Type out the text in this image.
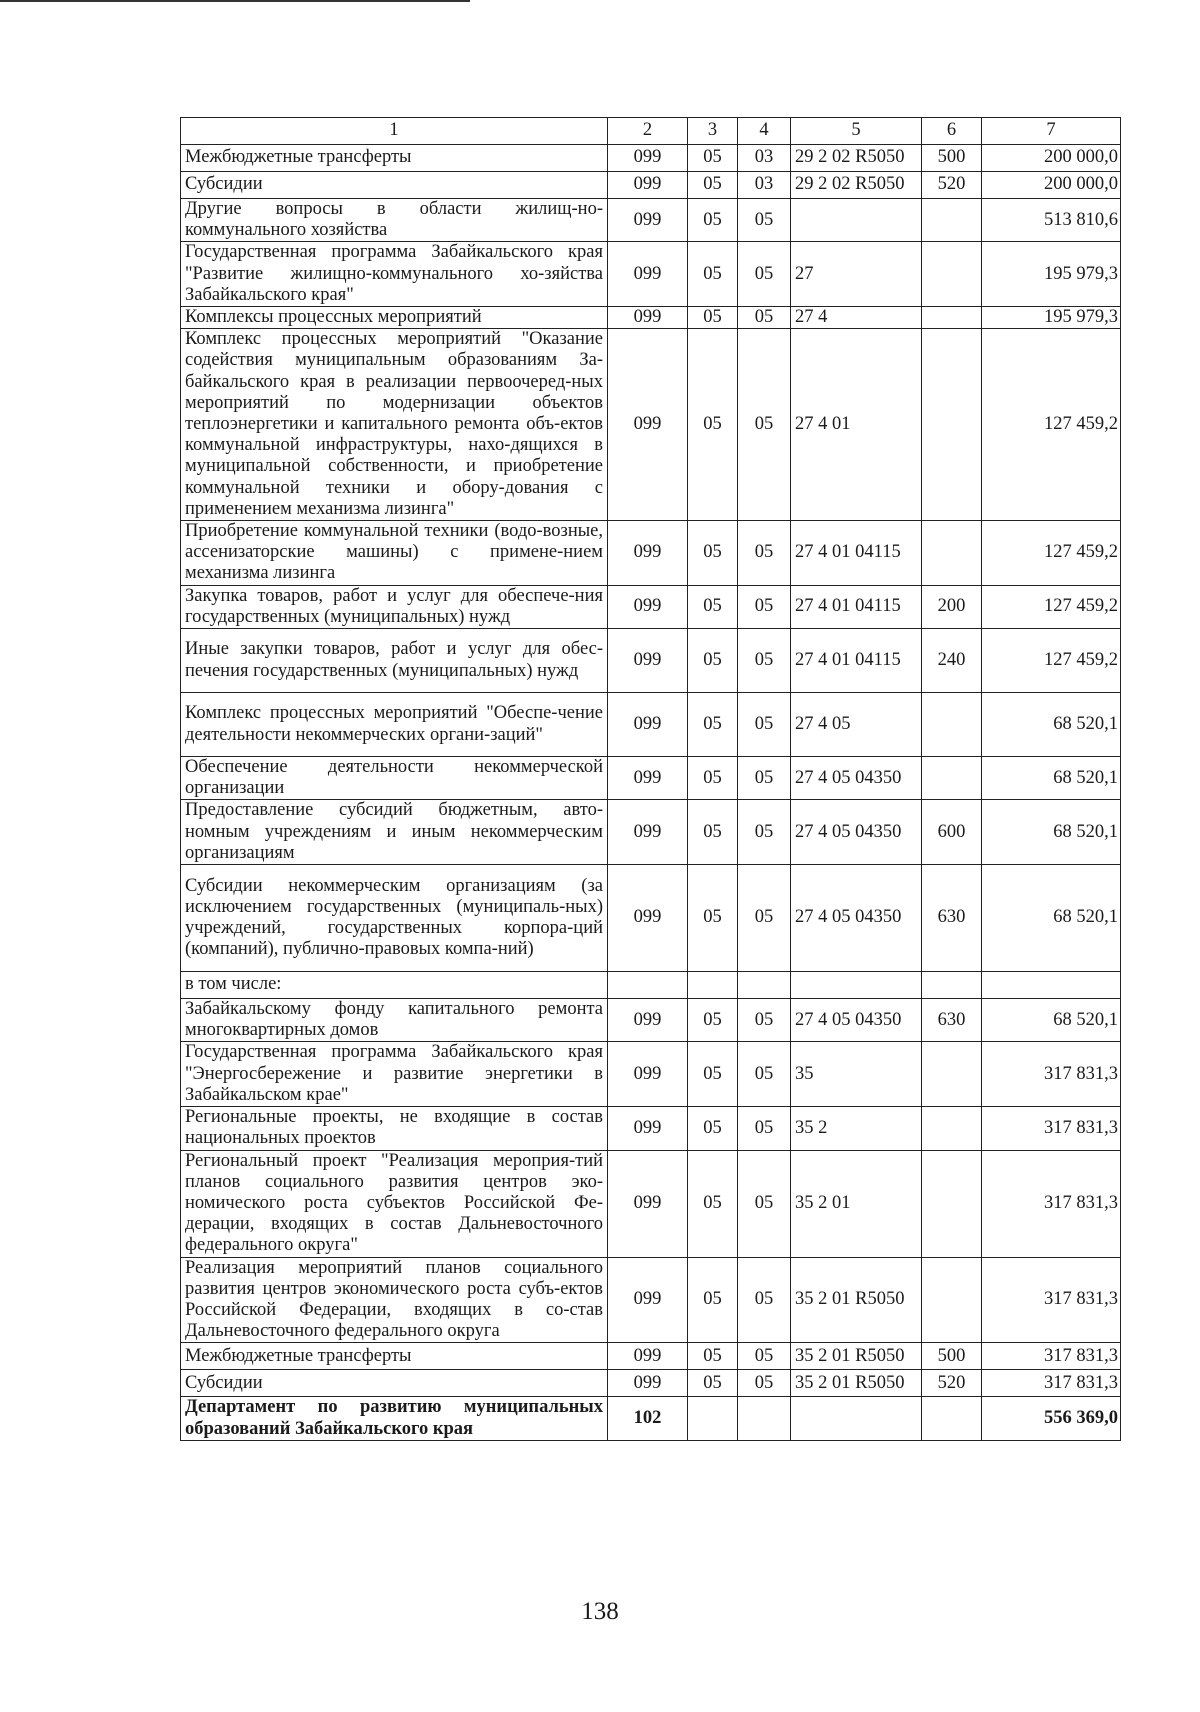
1	2	3	4	5	6	7
Межбюджетные трансферты	099	05	03	29 2 02 R5050	500	200 000,0
Субсидии	099	05	03	29 2 02 R5050	520	200 000,0
Другие вопросы в области жилищ-но-коммунального хозяйства	099	05	05			513 810,6
Государственная программа Забайкальского края "Развитие жилищно-коммунального хо-зяйства Забайкальского края"	099	05	05	27		195 979,3
Комплексы процессных мероприятий	099	05	05	27 4		195 979,3
Комплекс процессных мероприятий "Оказание содействия муниципальным образованиям За-байкальского края в реализации первоочеред-ных мероприятий по модернизации объектов теплоэнергетики и капитального ремонта объ-ектов коммунальной инфраструктуры, нахо-дящихся в муниципальной собственности, и приобретение коммунальной техники и обору-дования с применением механизма лизинга"	099	05	05	27 4 01		127 459,2
Приобретение коммунальной техники (водо-возные, ассенизаторские машины) с примене-нием механизма лизинга	099	05	05	27 4 01 04115		127 459,2
Закупка товаров, работ и услуг для обеспече-ния государственных (муниципальных) нужд	099	05	05	27 4 01 04115	200	127 459,2
Иные закупки товаров, работ и услуг для обес-печения государственных (муниципальных) нужд	099	05	05	27 4 01 04115	240	127 459,2
Комплекс процессных мероприятий "Обеспе-чение деятельности некоммерческих органи-заций"	099	05	05	27 4 05		68 520,1
Обеспечение деятельности некоммерческой организации	099	05	05	27 4 05 04350		68 520,1
Предоставление субсидий бюджетным, авто-номным учреждениям и иным некоммерческим организациям	099	05	05	27 4 05 04350	600	68 520,1
Субсидии некоммерческим организациям (за исключением государственных (муниципаль-ных) учреждений, государственных корпора-ций (компаний), публично-правовых компа-ний)	099	05	05	27 4 05 04350	630	68 520,1
в том числе:						
Забайкальскому фонду капитального ремонта многоквартирных домов	099	05	05	27 4 05 04350	630	68 520,1
Государственная программа Забайкальского края "Энергосбережение и развитие энергетики в Забайкальском крае"	099	05	05	35		317 831,3
Региональные проекты, не входящие в состав национальных проектов	099	05	05	35 2		317 831,3
Региональный проект "Реализация мероприя-тий планов социального развития центров эко-номического роста субъектов Российской Фе-дерации, входящих в состав Дальневосточного федерального округа"	099	05	05	35 2 01		317 831,3
Реализация мероприятий планов социального развития центров экономического роста субъ-ектов Российской Федерации, входящих в со-став Дальневосточного федерального округа	099	05	05	35 2 01 R5050		317 831,3
Межбюджетные трансферты	099	05	05	35 2 01 R5050	500	317 831,3
Субсидии	099	05	05	35 2 01 R5050	520	317 831,3
Департамент по развитию муниципальных образований Забайкальского края	102					556 369,0
138
